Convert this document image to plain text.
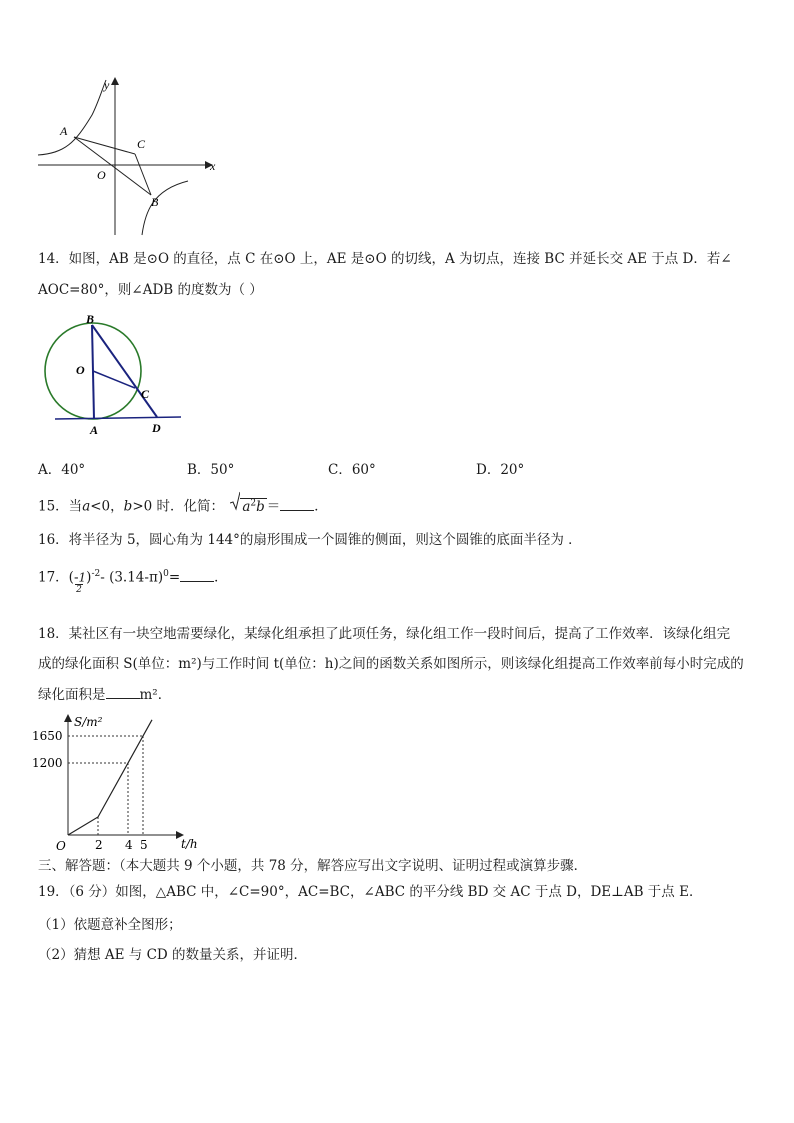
y
x
O
A
C
B
14．如图，AB 是⊙O 的直径，点 C 在⊙O 上，AE 是⊙O 的切线，A 为切点，连接 BC 并延长交 AE 于点 D．若∠
AOC=80°，则∠ADB 的度数为（ ）
B
O
C
A	D
A．40°	B．50°	C．60°	D．20°
15．当a<0，b>0 时．化简： $a^2b$ ＝	．
16．将半径为 5，圆心角为 144°的扇形围成一个圆锥的侧面，则这个圆锥的底面半径为 ．
17．$(-1)^{-2}-$ $(3.14-\pi)^0=$	．
2
18．某社区有一块空地需要绿化，某绿化组承担了此项任务，绿化组工作一段时间后，提高了工作效率．该绿化组完
成的绿化面积 S(单位：m²)与工作时间 t(单位：h)之间的函数关系如图所示，则该绿化组提高工作效率前每小时完成的
绿化面积是	m²．
1200
1650
2 4 5
S/m²
t/h
O
三、解答题：（本大题共 9 个小题，共 78 分，解答应写出文字说明、证明过程或演算步骤．
19．（6 分）如图，△ABC 中，∠C=90°，AC=BC，∠ABC 的平分线 BD 交 AC 于点 D，DE⊥AB 于点 E．
（1）依题意补全图形；
（2）猜想 AE 与 CD 的数量关系，并证明．
